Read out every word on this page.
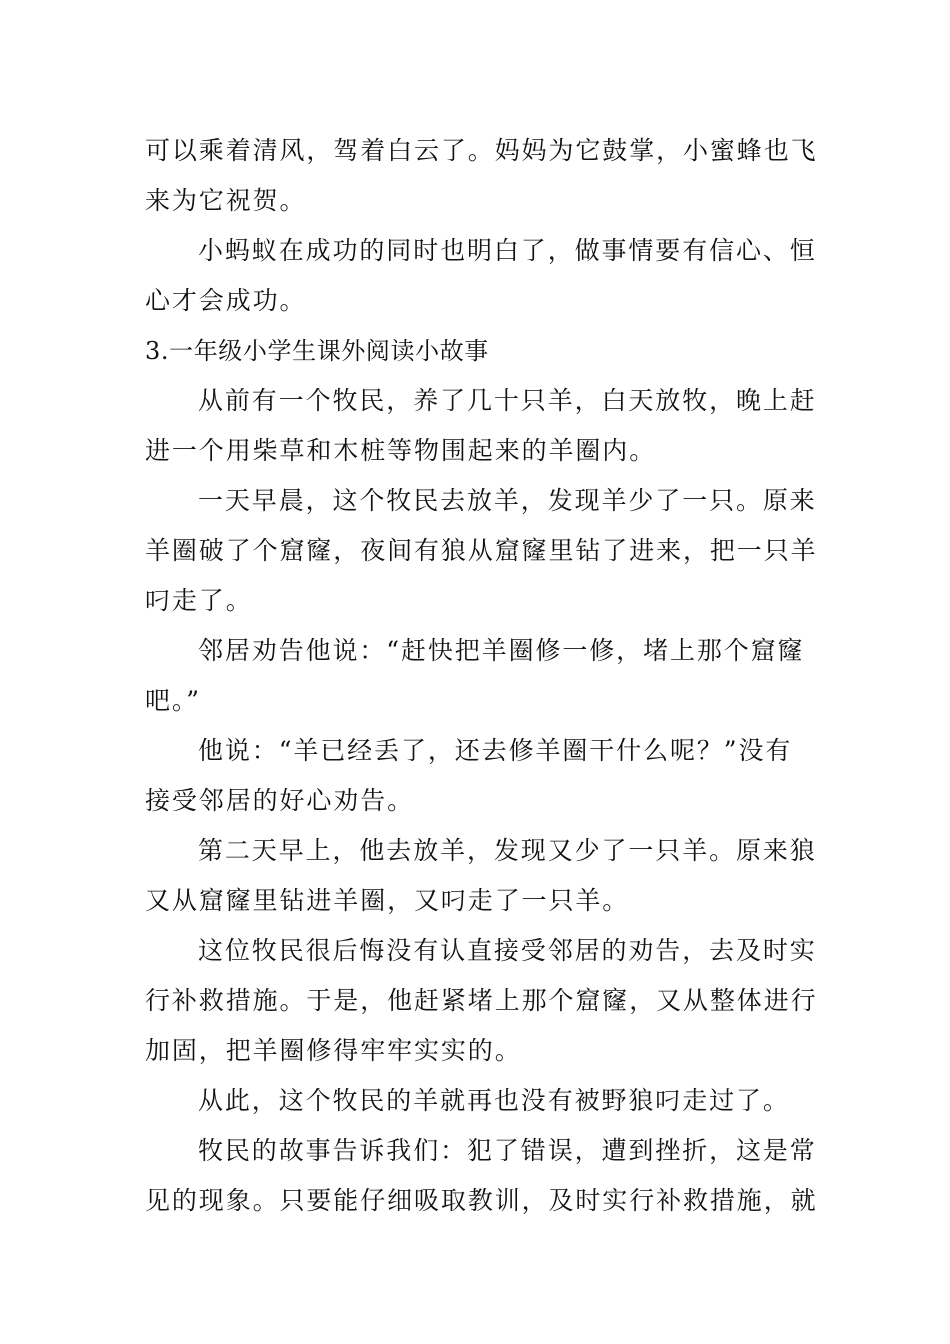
可以乘着清风，驾着白云了。妈妈为它鼓掌，小蜜蜂也飞
来为它祝贺。
小蚂蚁在成功的同时也明白了，做事情要有信心、恒
心才会成功。
3.一年级小学生课外阅读小故事
从前有一个牧民，养了几十只羊，白天放牧，晚上赶
进一个用柴草和木桩等物围起来的羊圈内。
一天早晨，这个牧民去放羊，发现羊少了一只。原来
羊圈破了个窟窿，夜间有狼从窟窿里钻了进来，把一只羊
叼走了。
邻居劝告他说：“赶快把羊圈修一修，堵上那个窟窿
吧。”
他说：“羊已经丢了，还去修羊圈干什么呢？”没有
接受邻居的好心劝告。
第二天早上，他去放羊，发现又少了一只羊。原来狼
又从窟窿里钻进羊圈，又叼走了一只羊。
这位牧民很后悔没有认直接受邻居的劝告，去及时实
行补救措施。于是，他赶紧堵上那个窟窿，又从整体进行
加固，把羊圈修得牢牢实实的。
从此，这个牧民的羊就再也没有被野狼叼走过了。
牧民的故事告诉我们：犯了错误，遭到挫折，这是常
见的现象。只要能仔细吸取教训，及时实行补救措施，就
